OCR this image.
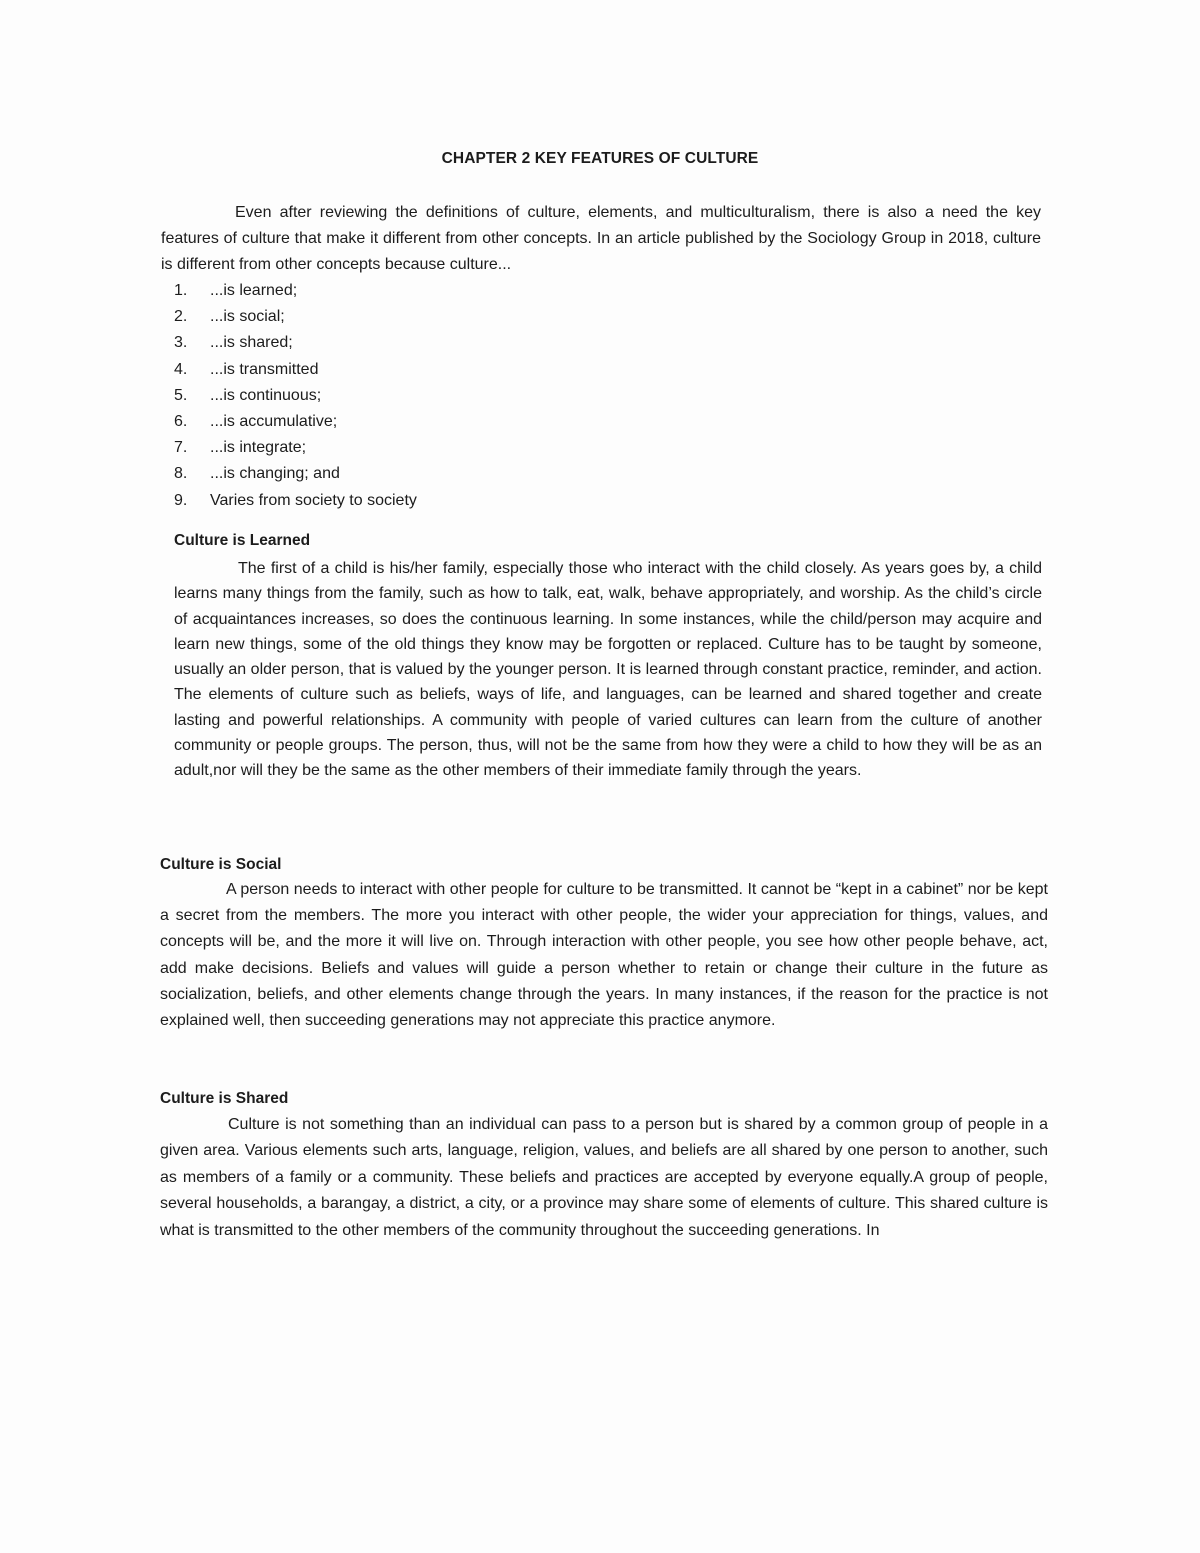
CHAPTER 2 KEY FEATURES OF CULTURE

Even after reviewing the definitions of culture, elements, and multiculturalism, there is also a need the key features of culture that make it different from other concepts. In an article published by the Sociology Group in 2018, culture is different from other concepts because culture...

1. ...is learned;
2. ...is social;
3. ...is shared;
4. ...is transmitted
5. ...is continuous;
6. ...is accumulative;
7. ...is integrate;
8. ...is changing; and
9. Varies from society to society
Culture is Learned

The first of a child is his/her family, especially those who interact with the child closely. As years goes by, a child learns many things from the family, such as how to talk, eat, walk, behave appropriately, and worship. As the child’s circle of acquaintances increases, so does the continuous learning. In some instances, while the child/person may acquire and learn new things, some of the old things they know may be forgotten or replaced. Culture has to be taught by someone, usually an older person, that is valued by the younger person. It is learned through constant practice, reminder, and action. The elements of culture such as beliefs, ways of life, and languages, can be learned and shared together and create lasting and powerful relationships. A community with people of varied cultures can learn from the culture of another community or people groups. The person, thus, will not be the same from how they were a child to how they will be as an adult,nor will they be the same as the other members of their immediate family through the years.

Culture is Social

A person needs to interact with other people for culture to be transmitted. It cannot be “kept in a cabinet” nor be kept a secret from the members. The more you interact with other people, the wider your appreciation for things, values, and concepts will be, and the more it will live on. Through interaction with other people, you see how other people behave, act, add make decisions. Beliefs and values will guide a person whether to retain or change their culture in the future as socialization, beliefs, and other elements change through the years. In many instances, if the reason for the practice is not explained well, then succeeding generations may not appreciate this practice anymore.

Culture is Shared

Culture is not something than an individual can pass to a person but is shared by a common group of people in a given area. Various elements such arts, language, religion, values, and beliefs are all shared by one person to another, such as members of a family or a community. These beliefs and practices are accepted by everyone equally.A group of people, several households, a barangay, a district, a city, or a province may share some of elements of culture. This shared culture is what is transmitted to the other members of the community throughout the succeeding generations. In
